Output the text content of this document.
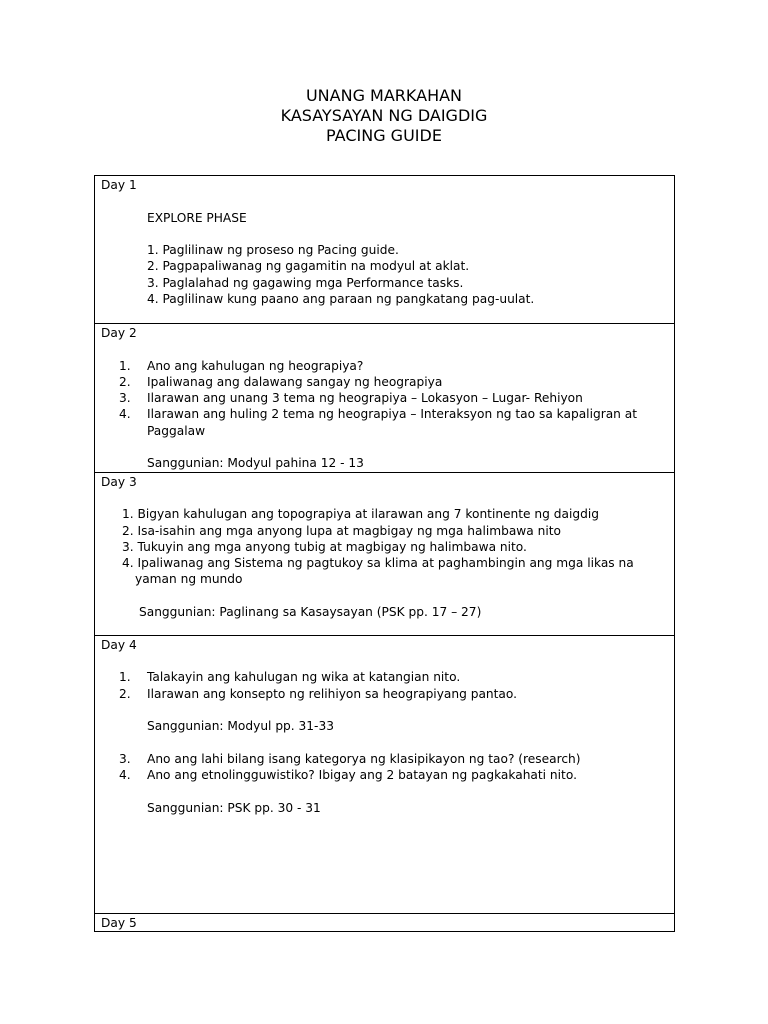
UNANG MARKAHAN
KASAYSAYAN NG DAIGDIG
PACING GUIDE
Day 1
EXPLORE PHASE
1. Paglilinaw ng proseso ng Pacing guide.
2. Pagpapaliwanag ng gagamitin na modyul at aklat.
3. Paglalahad ng gagawing mga Performance tasks.
4. Paglilinaw kung paano ang paraan ng pangkatang pag-uulat.

Day 2
1. Ano ang kahulugan ng heograpiya?
2. Ipaliwanag ang dalawang sangay ng heograpiya
3. Ilarawan ang unang 3 tema ng heograpiya – Lokasyon – Lugar- Rehiyon
4. Ilarawan ang huling 2 tema ng heograpiya – Interaksyon ng tao sa kapaligran at Paggalaw
Sanggunian: Modyul pahina 12 - 13

Day 3
1. Bigyan kahulugan ang topograpiya at ilarawan ang 7 kontinente ng daigdig
2. Isa-isahin ang mga anyong lupa at magbigay ng mga halimbawa nito
3. Tukuyin ang mga anyong tubig at magbigay ng halimbawa nito.
4. Ipaliwanag ang Sistema ng pagtukoy sa klima at paghambingin ang mga likas na yaman ng mundo
Sanggunian: Paglinang sa Kasaysayan (PSK pp. 17 – 27)

Day 4
1. Talakayin ang kahulugan ng wika at katangian nito.
2. Ilarawan ang konsepto ng relihiyon sa heograpiyang pantao.
Sanggunian: Modyul pp. 31-33
3. Ano ang lahi bilang isang kategorya ng klasipikayon ng tao? (research)
4. Ano ang etnolingguwistiko? Ibigay ang 2 batayan ng pagkakahati nito.
Sanggunian: PSK pp. 30 - 31

Day 5
